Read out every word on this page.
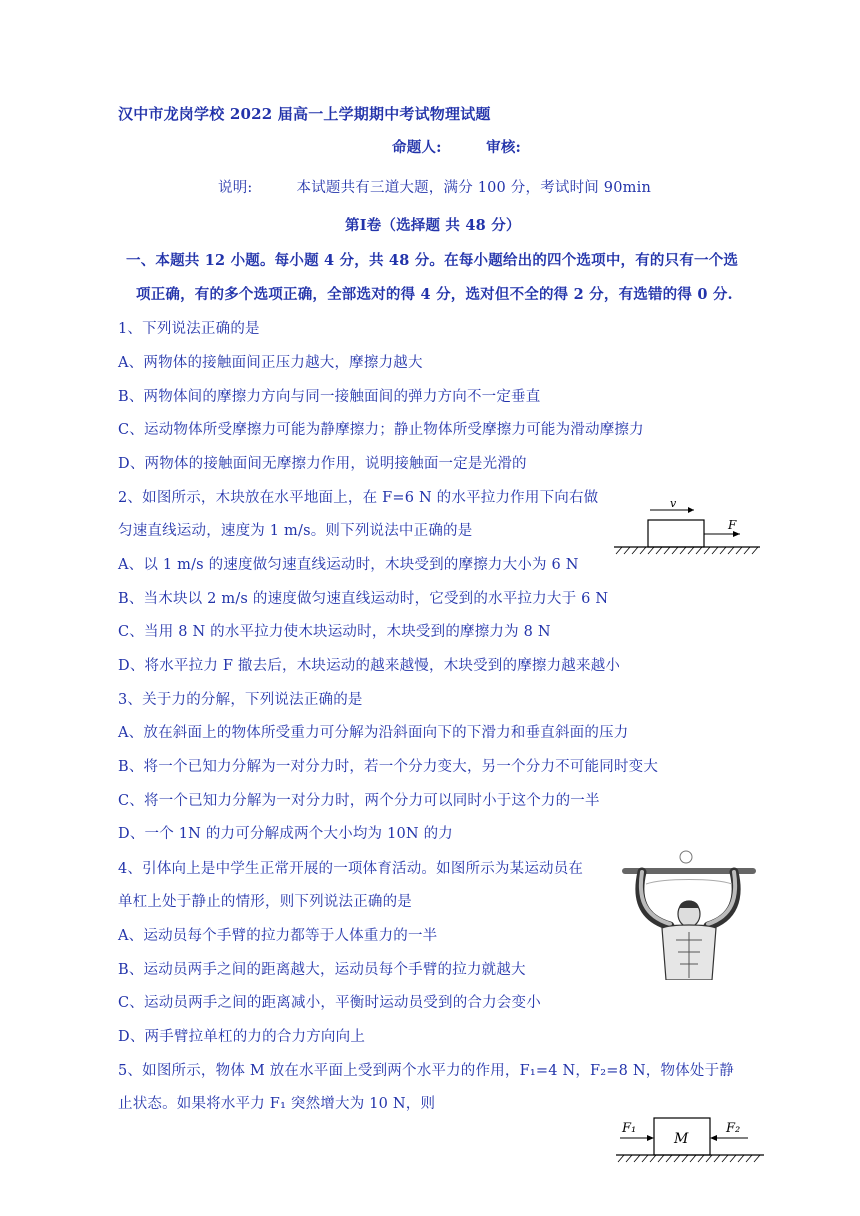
汉中市龙岗学校 2022 届高一上学期期中考试物理试题
命题人:	审核:
说明:	本试题共有三道大题，满分 100 分，考试时间 90min
第Ⅰ卷（选择题 共 48 分）
一、本题共 12 小题。每小题 4 分，共 48 分。在每小题给出的四个选项中，有的只有一个选
项正确，有的多个选项正确，全部选对的得 4 分，选对但不全的得 2 分，有选错的得 0 分.
1、下列说法正确的是
A、两物体的接触面间正压力越大，摩擦力越大
B、两物体间的摩擦力方向与同一接触面间的弹力方向不一定垂直
C、运动物体所受摩擦力可能为静摩擦力；静止物体所受摩擦力可能为滑动摩擦力
D、两物体的接触面间无摩擦力作用，说明接触面一定是光滑的
2、如图所示，木块放在水平地面上，在 F=6 N 的水平拉力作用下向右做
匀速直线运动，速度为 1 m/s。则下列说法中正确的是
A、以 1 m/s 的速度做匀速直线运动时，木块受到的摩擦力大小为 6 N
B、当木块以 2 m/s 的速度做匀速直线运动时，它受到的水平拉力大于 6 N
C、当用 8 N 的水平拉力使木块运动时，木块受到的摩擦力为 8 N
D、将水平拉力 F 撤去后，木块运动的越来越慢，木块受到的摩擦力越来越小
v
F
3、关于力的分解，下列说法正确的是
A、放在斜面上的物体所受重力可分解为沿斜面向下的下滑力和垂直斜面的压力
B、将一个已知力分解为一对分力时，若一个分力变大，另一个分力不可能同时变大
C、将一个已知力分解为一对分力时，两个分力可以同时小于这个力的一半
D、一个 1N 的力可分解成两个大小均为 10N 的力
4、引体向上是中学生正常开展的一项体育活动。如图所示为某运动员在
单杠上处于静止的情形，则下列说法正确的是
A、运动员每个手臂的拉力都等于人体重力的一半
B、运动员两手之间的距离越大，运动员每个手臂的拉力就越大
C、运动员两手之间的距离减小，平衡时运动员受到的合力会变小
D、两手臂拉单杠的力的合力方向向上
5、如图所示，物体 M 放在水平面上受到两个水平力的作用，F₁=4 N，F₂=8 N，物体处于静
止状态。如果将水平力 F₁ 突然增大为 10 N，则
F₁
M
F₂
